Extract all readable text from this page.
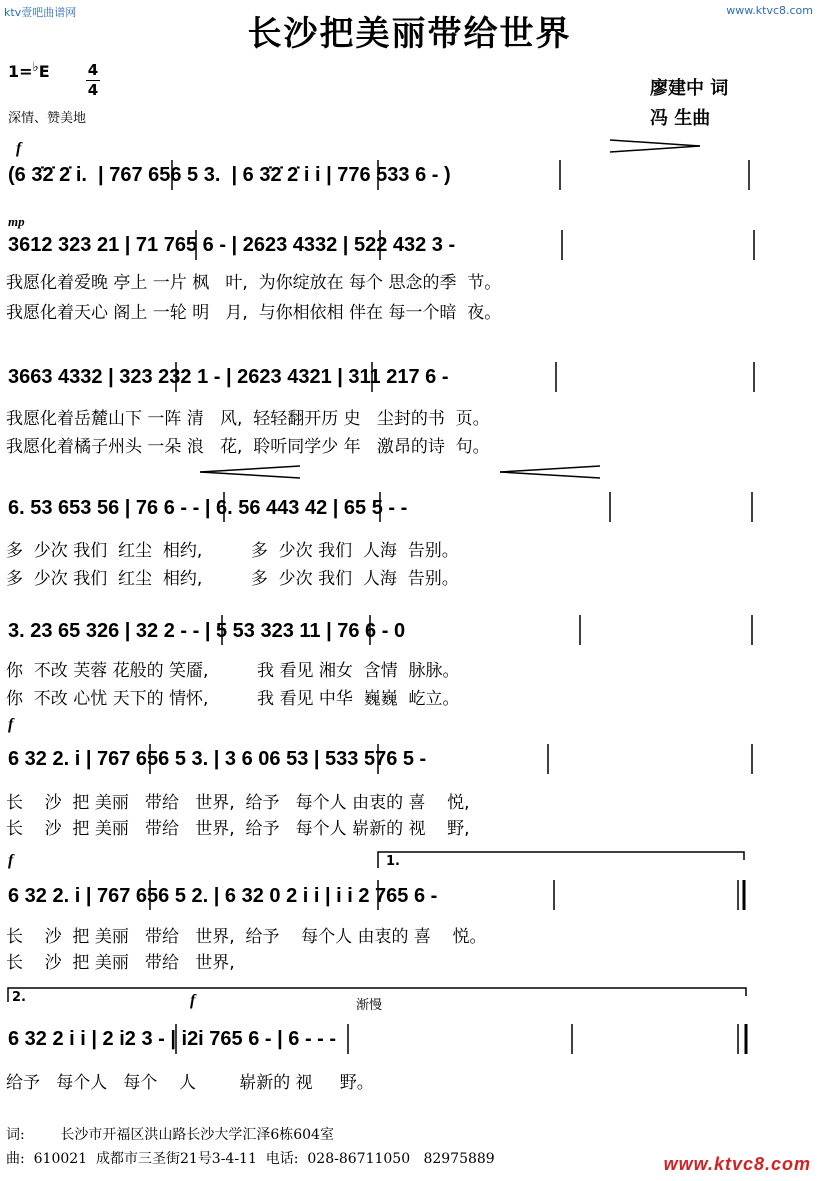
ktv壹吧曲谱网	www.ktvc8.com
长沙把美丽带给世界
1=♭E	4
4
深情、赞美地
廖建中 词
冯 生曲
f
(6 3̇2̇ 2̇ i.  | 767 656 5 3.  | 6 3̇2̇ 2̇ i i | 776 533 6 - )
mp
3612 323 21 | 71 765 6 - | 2623 4332 | 522 432 3 -
我愿化着爱晚 亭上 一片 枫   叶,  为你绽放在 每个 思念的季  节。
我愿化着天心 阁上 一轮 明   月,  与你相依相 伴在 每一个暗  夜。
3663 4332 | 323 232 1 - | 2623 4321 | 311 217 6 -
我愿化着岳麓山下 一阵 清   风,  轻轻翻开历 史   尘封的书  页。
我愿化着橘子州头 一朵 浪   花,  聆听同学少 年   激昂的诗  句。
6. 53 653 56 | 76 6 - - | 6. 56 443 42 | 65 5 - -
多  少次 我们  红尘  相约,         多  少次 我们  人海  告别。
多  少次 我们  红尘  相约,         多  少次 我们  人海  告别。
3. 23 65 326 | 32 2 - - | 5 53 323 11 | 76 6 - 0
你  不改 芙蓉 花般的 笑靥,         我 看见 湘女  含情  脉脉。
你  不改 心忧 天下的 情怀,         我 看见 中华  巍巍  屹立。
f
6 32 2. i | 767 656 5 3. | 3 6 06 53 | 533 576 5 -
长    沙  把 美丽   带给   世界,  给予   每个人 由衷的 喜    悦,
长    沙  把 美丽   带给   世界,  给予   每个人 崭新的 视    野,
f	1.
6 32 2. i | 767 656 5 2. | 6 32 0 2 i i | i i 2 765 6 -
长    沙  把 美丽   带给   世界,  给予    每个人 由衷的 喜    悦。
长    沙  把 美丽   带给   世界,
2.	f	渐慢
6 32 2 i i | 2 i2 3 - | i2i 765 6 - | 6 - - -
给予   每个人   每个    人        崭新的 视     野。
词:	长沙市开福区洪山路长沙大学汇泽6栋604室
曲: 610021  成都市三圣街21号3-4-11  电话:  028-86711050   82975889	www.ktvc8.com
